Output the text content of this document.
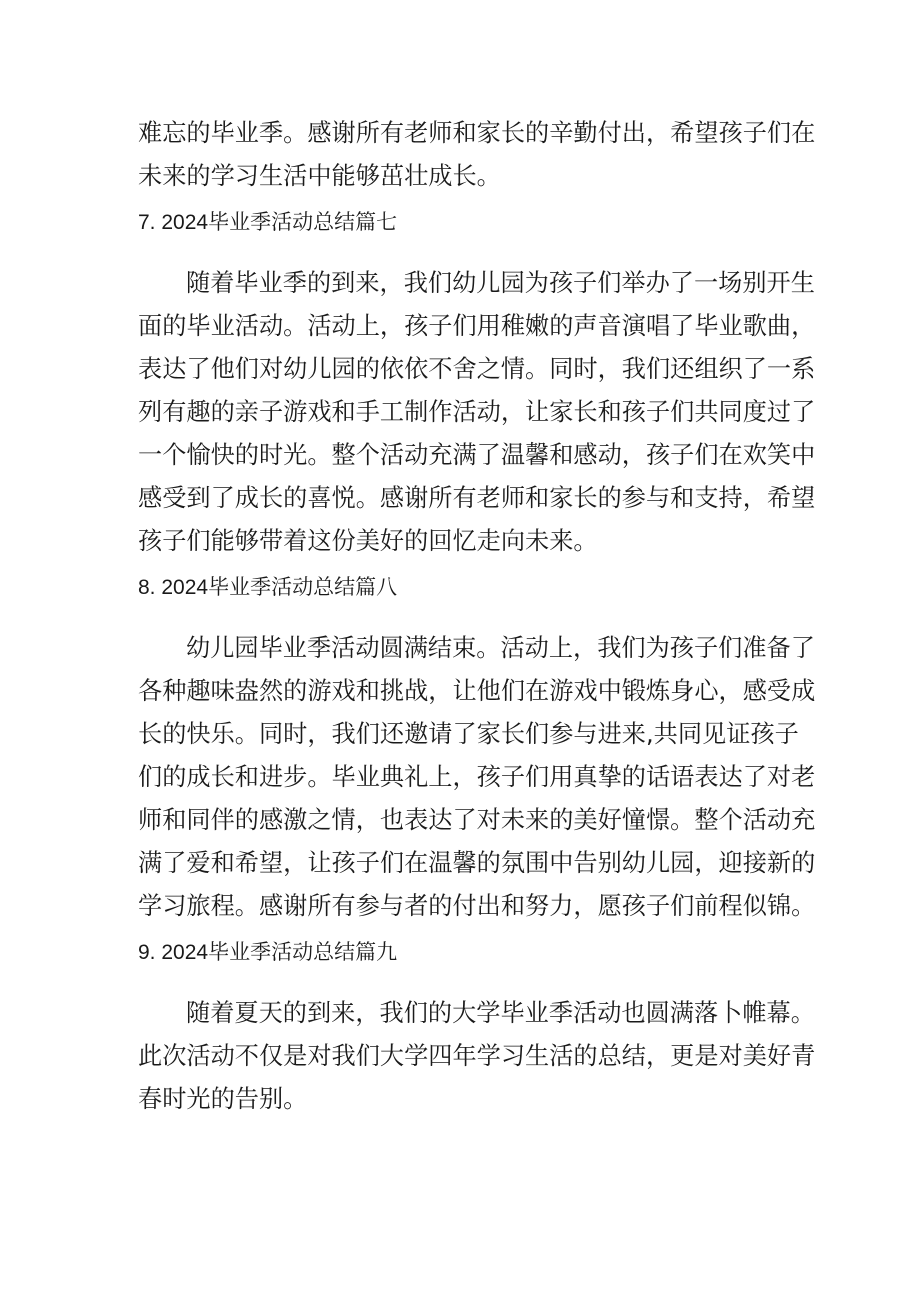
难忘的毕业季。感谢所有老师和家长的辛勤付出，希望孩子们在
未来的学习生活中能够茁壮成长。
7. 2024毕业季活动总结篇七
随着毕业季的到来，我们幼儿园为孩子们举办了一场别开生
面的毕业活动。活动上，孩子们用稚嫩的声音演唱了毕业歌曲，
表达了他们对幼儿园的依依不舍之情。同时，我们还组织了一系
列有趣的亲子游戏和手工制作活动，让家长和孩子们共同度过了
一个愉快的时光。整个活动充满了温馨和感动，孩子们在欢笑中
感受到了成长的喜悦。感谢所有老师和家长的参与和支持，希望
孩子们能够带着这份美好的回忆走向未来。
8. 2024毕业季活动总结篇八
幼儿园毕业季活动圆满结束。活动上，我们为孩子们准备了
各种趣味盎然的游戏和挑战，让他们在游戏中锻炼身心，感受成
长的快乐。同时，我们还邀请了家长们参与进来,共同见证孩子
们的成长和进步。毕业典礼上，孩子们用真挚的话语表达了对老
师和同伴的感激之情，也表达了对未来的美好憧憬。整个活动充
满了爱和希望，让孩子们在温馨的氛围中告别幼儿园，迎接新的
学习旅程。感谢所有参与者的付出和努力，愿孩子们前程似锦。
9. 2024毕业季活动总结篇九
随着夏天的到来，我们的大学毕业季活动也圆满落卜帷幕。
此次活动不仅是对我们大学四年学习生活的总结，更是对美好青
春时光的告别。
